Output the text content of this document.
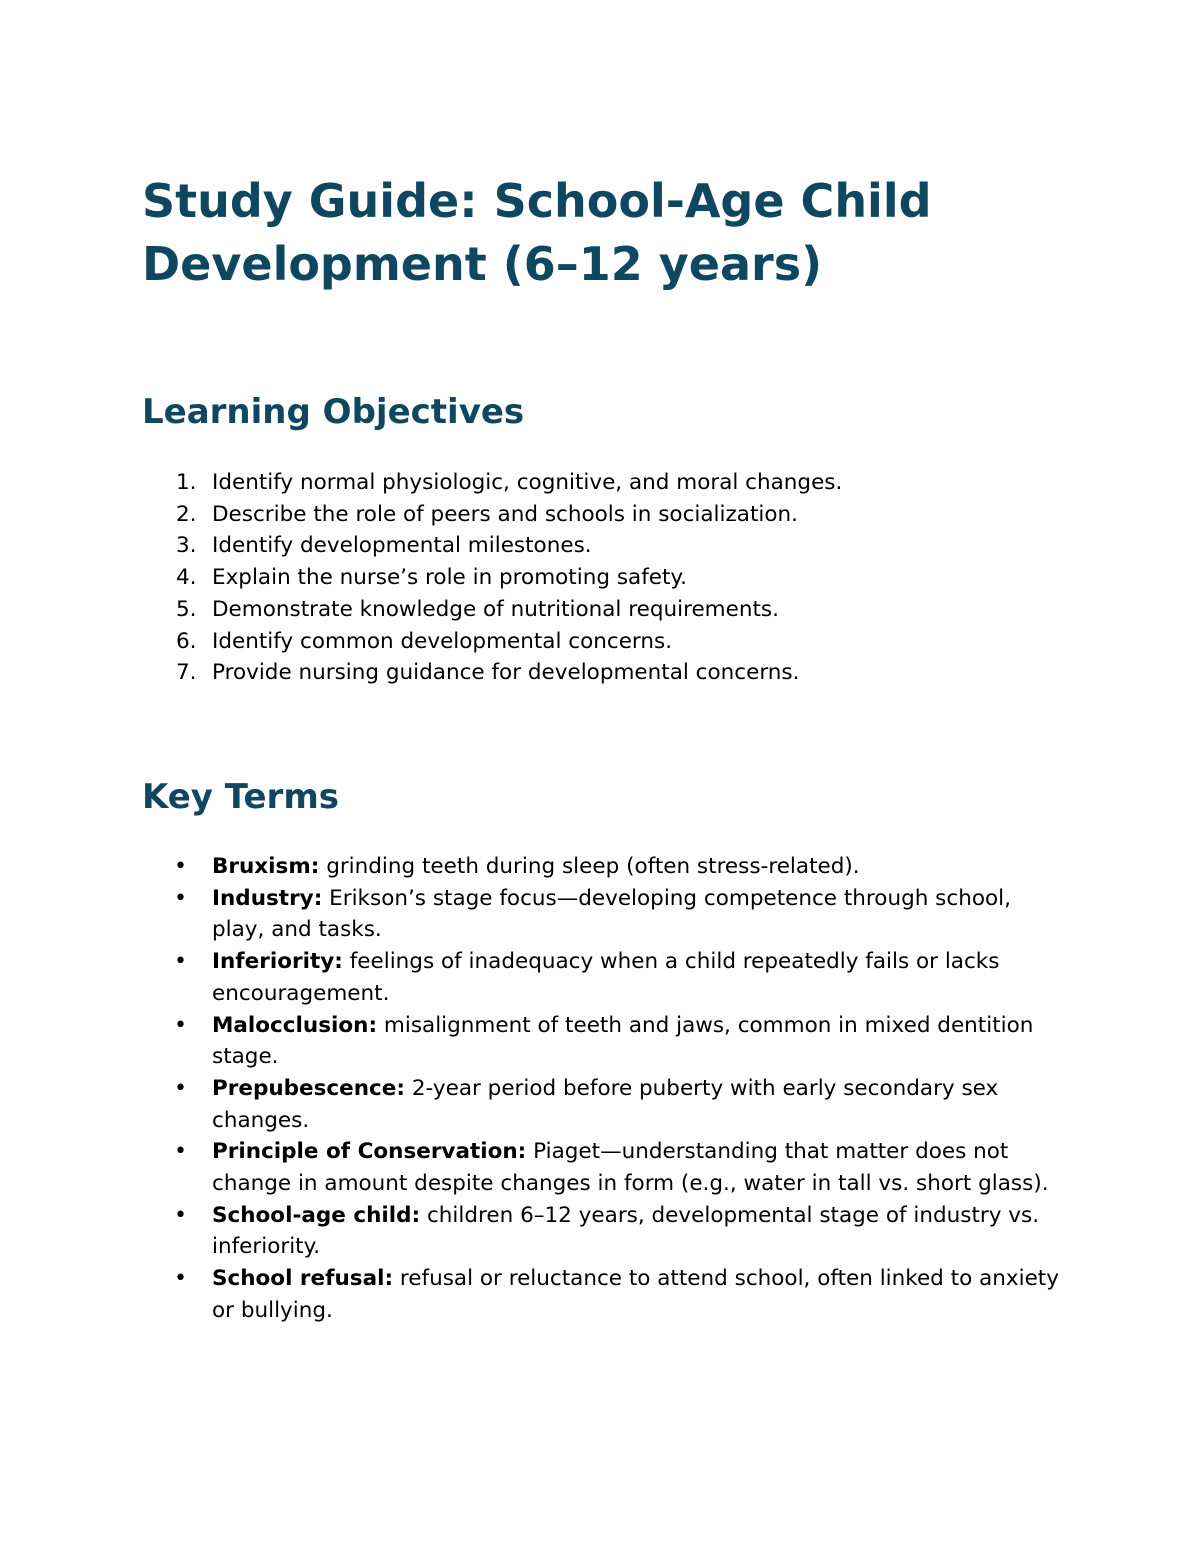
Study Guide: School-Age Child Development (6–12 years)
Learning Objectives
1. Identify normal physiologic, cognitive, and moral changes.
2. Describe the role of peers and schools in socialization.
3. Identify developmental milestones.
4. Explain the nurse’s role in promoting safety.
5. Demonstrate knowledge of nutritional requirements.
6. Identify common developmental concerns.
7. Provide nursing guidance for developmental concerns.
Key Terms
• Bruxism: grinding teeth during sleep (often stress-related).
• Industry: Erikson’s stage focus—developing competence through school, play, and tasks.
• Inferiority: feelings of inadequacy when a child repeatedly fails or lacks encouragement.
• Malocclusion: misalignment of teeth and jaws, common in mixed dentition stage.
• Prepubescence: 2-year period before puberty with early secondary sex changes.
• Principle of Conservation: Piaget—understanding that matter does not change in amount despite changes in form (e.g., water in tall vs. short glass).
• School-age child: children 6–12 years, developmental stage of industry vs. inferiority.
• School refusal: refusal or reluctance to attend school, often linked to anxiety or bullying.
